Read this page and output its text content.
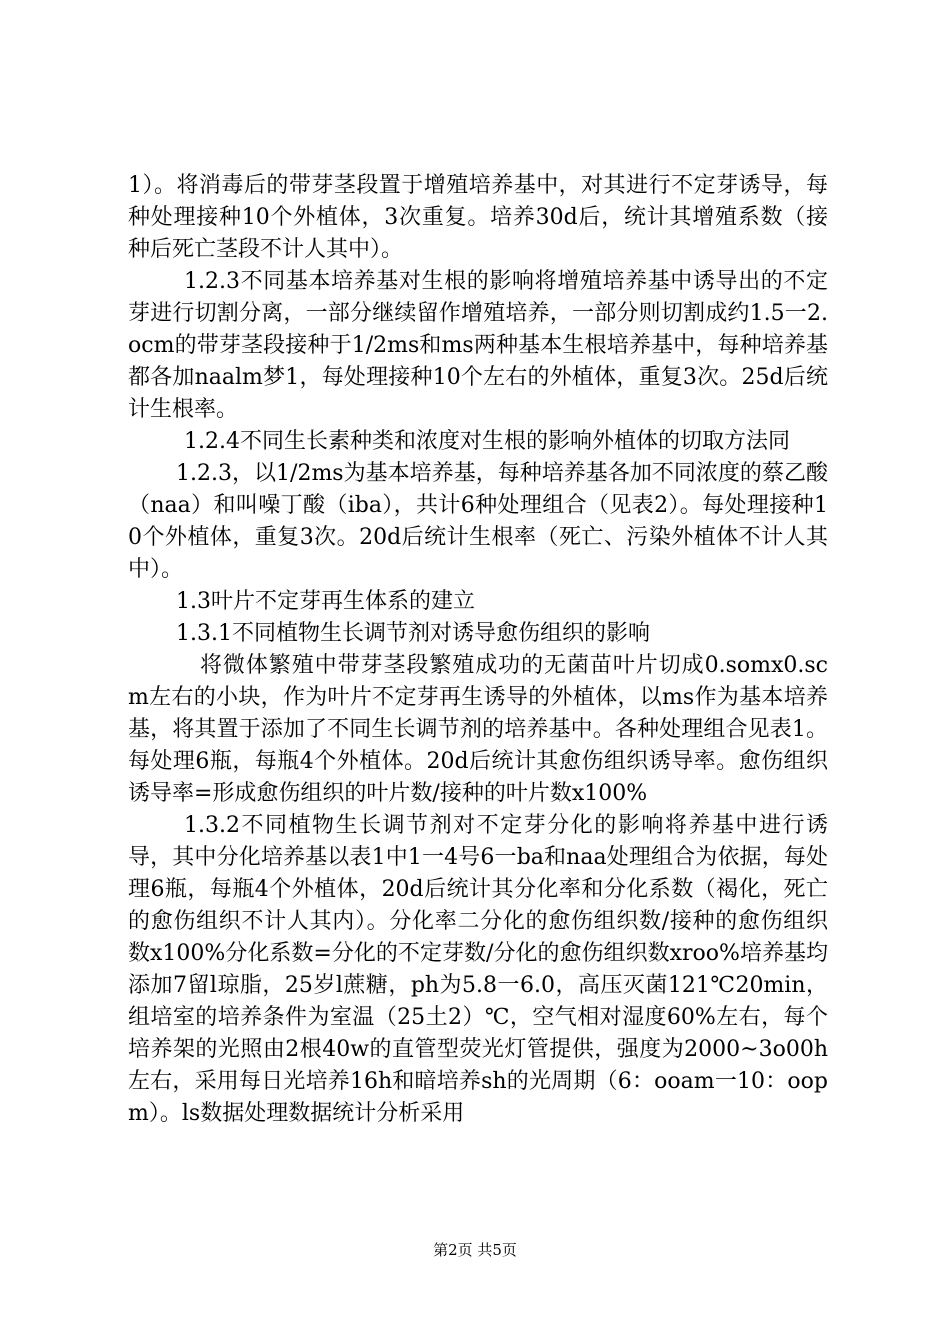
1）。将消毒后的带芽茎段置于增殖培养基中，对其进行不定芽诱导，每种处理接种10个外植体，3次重复。培养30d后，统计其增殖系数（接种后死亡茎段不计人其中）。

1.2.3不同基本培养基对生根的影响将增殖培养基中诱导出的不定芽进行切割分离，一部分继续留作增殖培养，一部分则切割成约1.5一2.ocm的带芽茎段接种于1/2ms和ms两种基本生根培养基中，每种培养基都各加naalm梦1，每处理接种10个左右的外植体，重复3次。25d后统计生根率。

1.2.4不同生长素种类和浓度对生根的影响外植体的切取方法同

1.2.3，以1/2ms为基本培养基，每种培养基各加不同浓度的蔡乙酸（naa）和叫噪丁酸（iba），共计6种处理组合（见表2）。每处理接种10个外植体，重复3次。20d后统计生根率（死亡、污染外植体不计人其中）。

1.3叶片不定芽再生体系的建立

1.3.1不同植物生长调节剂对诱导愈伤组织的影响

将微体繁殖中带芽茎段繁殖成功的无菌苗叶片切成0.somx0.scm左右的小块，作为叶片不定芽再生诱导的外植体，以ms作为基本培养基，将其置于添加了不同生长调节剂的培养基中。各种处理组合见表1。每处理6瓶，每瓶4个外植体。20d后统计其愈伤组织诱导率。愈伤组织诱导率=形成愈伤组织的叶片数/接种的叶片数x100%

1.3.2不同植物生长调节剂对不定芽分化的影响将养基中进行诱导，其中分化培养基以表1中1一4号6一ba和naa处理组合为依据，每处理6瓶，每瓶4个外植体，20d后统计其分化率和分化系数（褐化，死亡的愈伤组织不计人其内）。分化率二分化的愈伤组织数/接种的愈伤组织数x100%分化系数=分化的不定芽数/分化的愈伤组织数xroo%培养基均添加7留l琼脂，25岁l蔗糖，ph为5.8一6.0，高压灭菌121℃20min，组培室的培养条件为室温（25土2）℃，空气相对湿度60%左右，每个培养架的光照由2根40w的直管型荧光灯管提供，强度为2000~3o00h左右，采用每日光培养16h和暗培养sh的光周期（6：ooam一10：oopm）。ls数据处理数据统计分析采用

第2页 共5页
